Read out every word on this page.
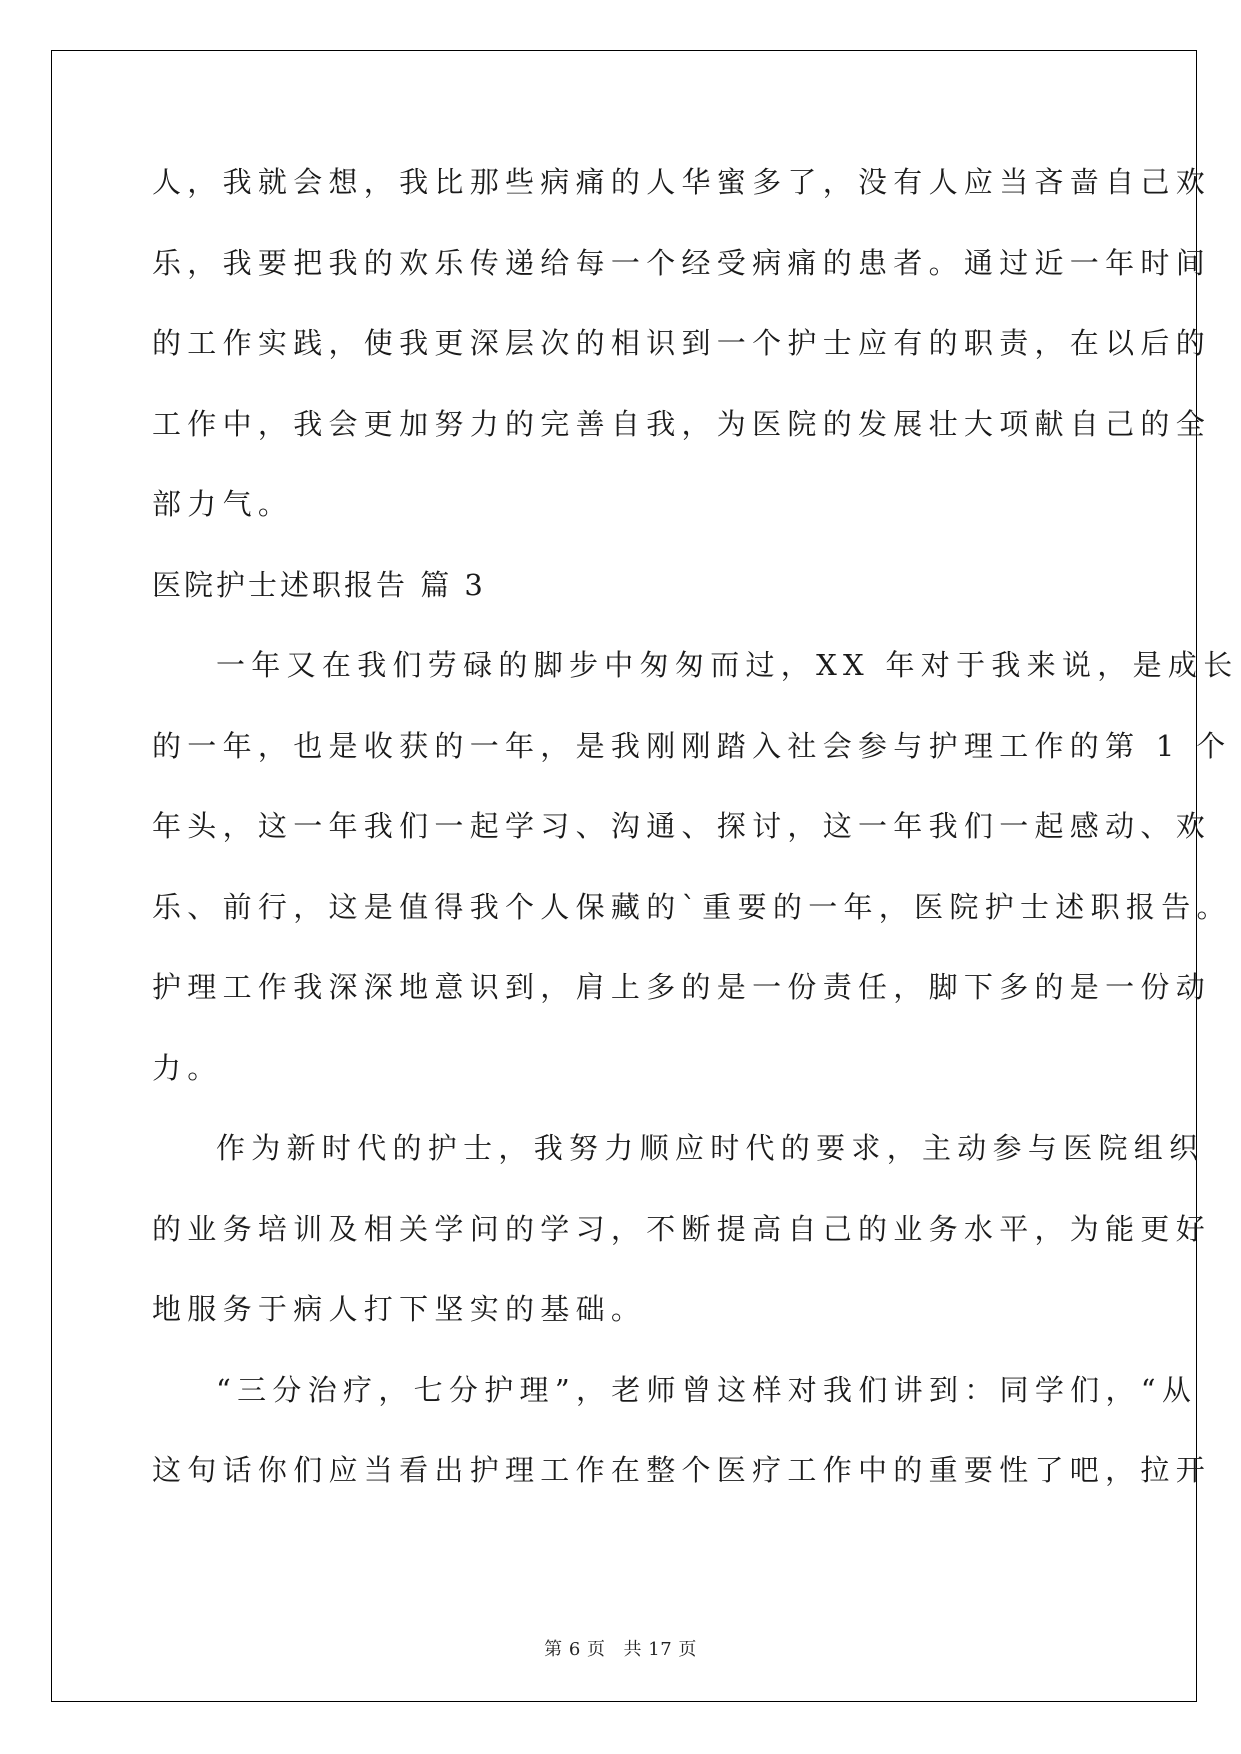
人，我就会想，我比那些病痛的人华蜜多了，没有人应当吝啬自己欢
乐，我要把我的欢乐传递给每一个经受病痛的患者。通过近一年时间
的工作实践，使我更深层次的相识到一个护士应有的职责，在以后的
工作中，我会更加努力的完善自我，为医院的发展壮大项献自己的全
部力气。
医院护士述职报告 篇 3
一年又在我们劳碌的脚步中匆匆而过，XX 年对于我来说，是成长
的一年，也是收获的一年，是我刚刚踏入社会参与护理工作的第 1 个
年头，这一年我们一起学习、沟通、探讨，这一年我们一起感动、欢
乐、前行，这是值得我个人保藏的`重要的一年，医院护士述职报告。
护理工作我深深地意识到，肩上多的是一份责任，脚下多的是一份动
力。
作为新时代的护士，我努力顺应时代的要求，主动参与医院组织
的业务培训及相关学问的学习，不断提高自己的业务水平，为能更好
地服务于病人打下坚实的基础。
“三分治疗，七分护理”，老师曾这样对我们讲到：同学们，“从
这句话你们应当看出护理工作在整个医疗工作中的重要性了吧，拉开
第 6 页 共 17 页
